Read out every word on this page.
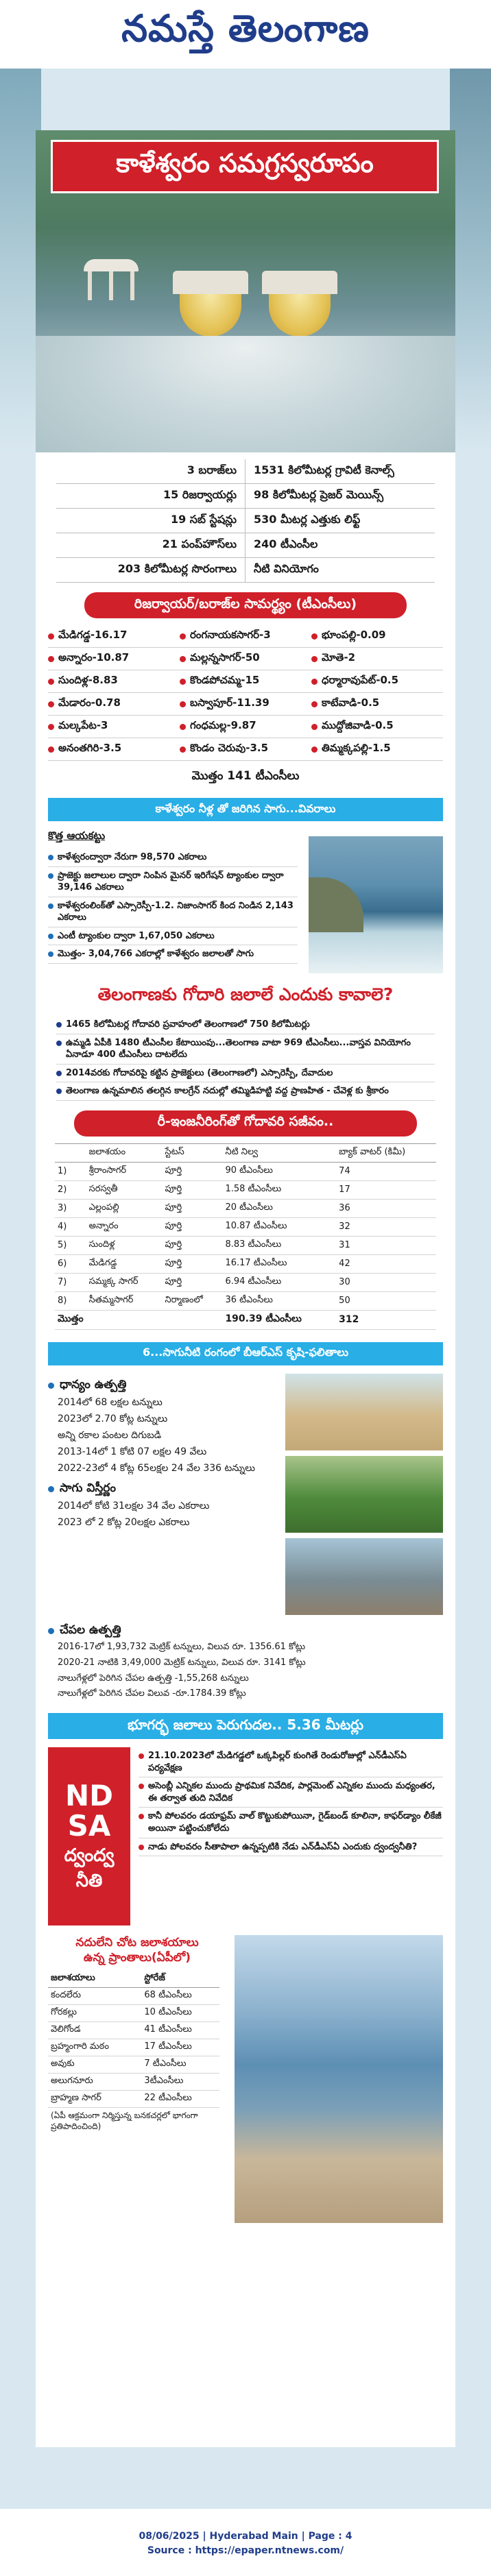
నమస్తే తెలంగాణ
కాళేశ్వరం సమగ్రస్వరూపం
3 బరాజ్‌లు	1531 కిలోమీటర్ల గ్రావిటీ కెనాల్స్
15 రిజర్వాయర్లు	98 కిలోమీటర్ల ప్రెజర్ మెయిన్స్
19 సబ్ స్టేషన్లు	530 మీటర్ల ఎత్తుకు లిఫ్ట్
21 పంప్‌హౌస్‌లు	240 టీఎంసీల
203 కిలోమీటర్ల సొరంగాలు	నీటి వినియోగం
రిజర్వాయర్/బరాజ్‌ల సామర్థ్యం (టీఎంసీలు)
మేడిగడ్డ-16.17	రంగనాయకసాగర్-3	భూంపల్లి-0.09
అన్నారం-10.87	మల్లన్నసాగర్-50	మోతె-2
సుందిళ్ల-8.83	కొండపోచమ్మ-15	ధర్మారావుపేట్-0.5
మేడారం-0.78	బస్వాపూర్-11.39	కాటేవాడి-0.5
మల్కపేట-3	గంధమల్ల-9.87	ముద్దోజివాడి-0.5
అనంతగిరి-3.5	కొండం చెరువు-3.5	తిమ్మక్కపల్లి-1.5
మొత్తం 141 టీఎంసీలు
కాళేశ్వరం నీళ్ల తో జరిగిన సాగు...వివరాలు
కొత్త ఆయకట్టు
కాళేశ్వరంద్వారా నేరుగా 98,570 ఎకరాలు
ప్రాజెక్టు జలాలుల ద్వారా నింపిన మైనర్ ఇరిగేషన్ ట్యాంకుల ద్వారా 39,146 ఎకరాలు
కాళేశ్వరంలింక్‌తో ఎస్సారెస్పీ-1.2. నిజాంసాగర్ కింద నిండిన 2,143 ఎకరాలు
ఎంటీ ట్యాంకుల ద్వారా 1,67,050 ఎకరాలు
మొత్తం- 3,04,766 ఎకరాల్లో కాళేశ్వరం జలాలతో సాగు
తెలంగాణకు గోదారి జలాలే ఎందుకు కావాలె?
1465 కిలోమీటర్ల గోదావరి ప్రవాహంలో తెలంగాణలో 750 కిలోమీటర్లు
ఉమ్మడి ఏపీకి 1480 టీఎంసీల కేటాయింపు...తెలంగాణ వాటా 969 టీఎంసీలు...వాస్తవ వినియోగం ఏనాడూ 400 టీఎంసీలు దాటలేదు
2014వరకు గోదావరిపై కట్టిన ప్రాజెక్టులు (తెలంగాణలో) ఎస్సారెస్పీ, దేవాదుల
తెలంగాణ ఉన్నమాలిన తలగ్గిన కాలగ్రేన్ నదుల్లో తమ్మిడిహట్టి వద్ద ప్రాణహిత - చేవెళ్ల కు శ్రీకారం
రీ-ఇంజనీరింగ్‌తో గోదావరి సజీవం..
	జలాశయం	స్టేటస్	నీటి నిల్వ	బ్యాక్ వాటర్ (కిమీ)
1)	శ్రీరాంసాగర్	పూర్తి	90 టీఎంసీలు	74
2)	సరస్వతీ	పూర్తి	1.58 టీఎంసీలు	17
3)	ఎల్లంపల్లి	పూర్తి	20 టీఎంసీలు	36
4)	అన్నారం	పూర్తి	10.87 టీఎంసీలు	32
5)	సుందిళ్ల	పూర్తి	8.83 టీఎంసీలు	31
6)	మేడిగడ్డ	పూర్తి	16.17 టీఎంసీలు	42
7)	సమ్మక్క సాగర్	పూర్తి	6.94 టీఎంసీలు	30
8)	సీతమ్మసాగర్	నిర్మాణంలో	36 టీఎంసీలు	50
మొత్తం			190.39 టీఎంసీలు	312
6...సాగునీటి రంగంలో బీఆర్‌ఎస్ కృషి-ఫలితాలు
ధాన్యం ఉత్పత్తి
2014లో 68 లక్షల టన్నులు
2023లో 2.70 కోట్ల టన్నులు
అన్ని రకాల పంటల దిగుబడి
2013-14లో 1 కోటి 07 లక్షల 49 వేలు
2022-23లో 4 కోట్ల 65లక్షల 24 వేల 336 టన్నులు
సాగు విస్తీర్ణం
2014లో కోటి 31లక్షల 34 వేల ఎకరాలు
2023 లో 2 కోట్ల 20లక్షల ఎకరాలు
చేపల ఉత్పత్తి
2016-17లో 1,93,732 మెట్రిక్ టన్నులు, విలువ రూ. 1356.61 కోట్లు
2020-21 నాటికి 3,49,000 మెట్రిక్ టన్నులు, విలువ రూ. 3141 కోట్లు
నాలుగేళ్లలో పెరిగిన చేపల ఉత్పత్తి -1,55,268 టన్నులు
నాలుగేళ్లలో పెరిగిన చేపల విలువ -రూ.1784.39 కోట్లు
భూగర్భ జలాలు పెరుగుదల.. 5.36 మీటర్లు
ND
SA
ద్వంద్వ
నీతి
21.10.2023లో మేడిగడ్డలో ఒక్కపిల్లర్ కుంగితే రెండురోజుల్లో ఎన్‌డీఎస్‌ఏ పర్యవేక్షణ
అసెంబ్లీ ఎన్నికల ముందు ప్రాథమిక నివేదిక, పార్లమెంట్ ఎన్నికల ముందు మధ్యంతర, ఈ తర్వాత తుది నివేదిక
కానీ పోలవరం డయాఫ్రమ్ వాల్ కొట్టుకుపోయినా, గైడ్‌బండ్ కూలినా, కాఫర్‌డ్యాం లీకేజీ అయినా పట్టించుకోలేదు
నాడు పోలవరం సీతాపాలా ఉన్నప్పటికి నేడు ఎన్‌డీఎస్‌ఏ ఎందుకు ద్వంద్వనీతి?
నదులేని చోట జలాశయాలు
ఉన్న ప్రాంతాలు(ఏపీలో)
జలాశయాలు	స్టోరేజ్
కందలేరు	68 టీఎంసీలు
గోరకల్లు	10 టీఎంసీలు
వెలిగోండ	41 టీఎంసీలు
బ్రహ్మంగారి మఠం	17 టీఎంసీలు
అవుకు	7 టీఎంసీలు
అలుగనూరు	3టీఎంసీలు
బ్రాహ్మణ సాగర్	22 టీఎంసీలు
(ఏపీ ఆక్రమంగా నిర్మిస్తున్న బనకచర్లలో భాగంగా ప్రతిపాదించింది)
08/06/2025 | Hyderabad Main | Page : 4
Source : https://epaper.ntnews.com/
